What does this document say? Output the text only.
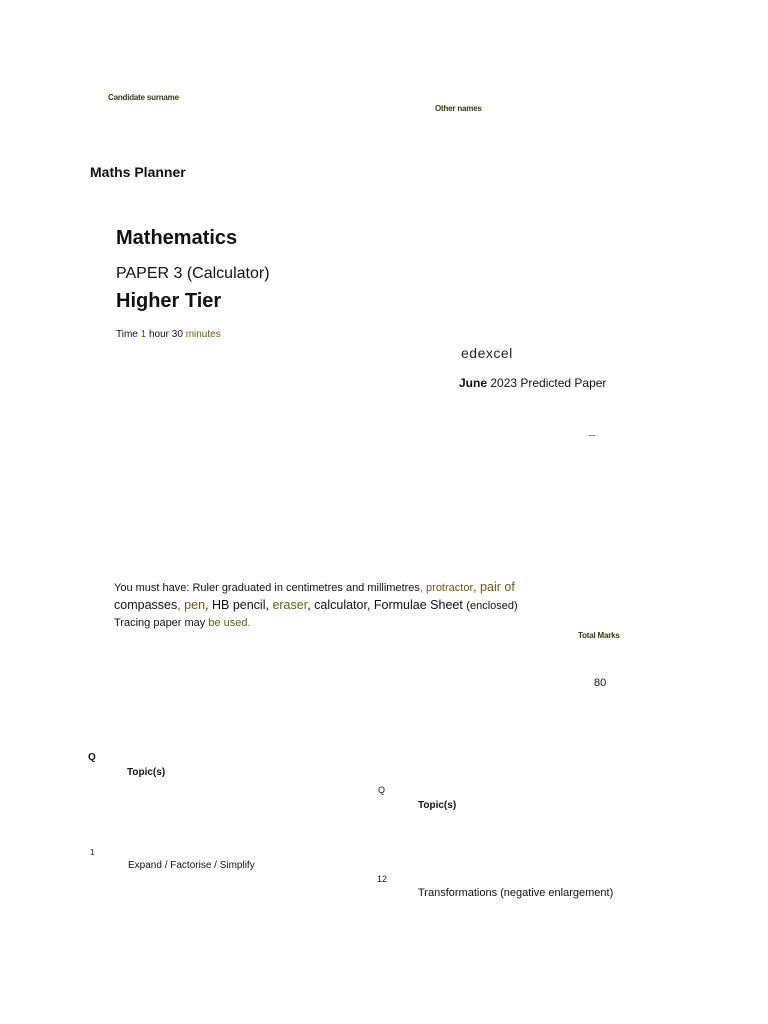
Candidate surname
Other names
Maths Planner
Mathematics
PAPER 3 (Calculator)
Higher Tier
Time 1 hour 30 minutes
edexcel
June 2023 Predicted Paper
You must have: Ruler graduated in centimetres and millimetres, protractor, pair of
compasses, pen, HB pencil, eraser, calculator, Formulae Sheet (enclosed)
Tracing paper may be used.
Total Marks
80
Q
Topic(s)
Q
Topic(s)
1
Expand / Factorise / Simplify
12
Transformations (negative enlargement)
